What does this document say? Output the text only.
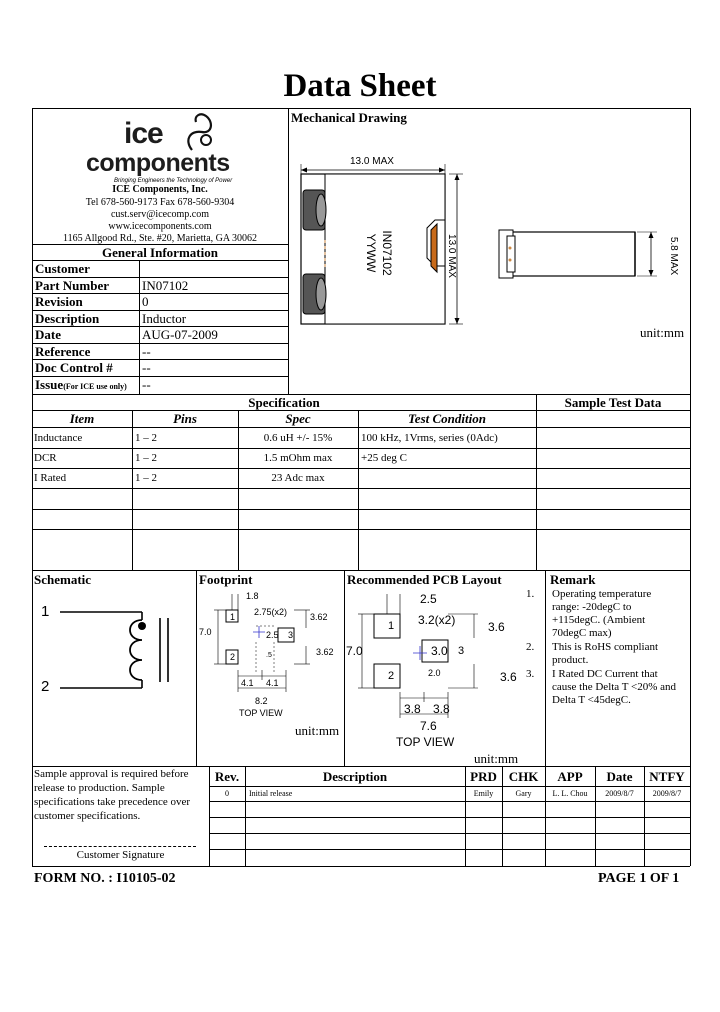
Data Sheet
ice
components
Bringing Engineers the Technology of Power
ICE Components, Inc.
Tel 678-560-9173 Fax 678-560-9304
cust.serv@icecomp.com
www.icecomponents.com
1165 Allgood Rd., Ste. #20, Marietta, GA 30062
General Information
Customer
Part Number	IN07102
Revision	0
Description	Inductor
Date	AUG-07-2009
Reference	--
Doc Control # --
Issue(For ICE use only) --
Mechanical Drawing
13.0 MAX
13.0 MAX	5.8 MAX
IN07102
YYWW
unit:mm
Specification	Sample Test Data
Item	Pins	Spec	Test Condition
Inductance	1 – 2	0.6 uH +/- 15%	100 kHz, 1Vrms, series (0Adc)
DCR	1 – 2	1.5 mOhm max	+25 deg C
I Rated	1 – 2	23 Adc max
Schematic
1
2
Footprint
1.8
2.75(x2)	3.62
7.0	2.5
3.62
4.1 4.1
8.2
.5
1
2
3
TOP VIEW
unit:mm
Recommended PCB Layout
2.5
3.2(x2)	3.6
7.0	3.0
2.0	3.6
3.8 3.8
7.6
1
2
3
TOP VIEW
unit:mm
Remark
1. Operating temperature
range: -20degC to
+115degC. (Ambient
70degC max)
2. This is RoHS compliant
product.
3. I Rated DC Current that
cause the Delta T <20% and
Delta T <45degC.
Sample approval is required before
release to production. Sample
specifications take precedence over
customer specifications.
Customer Signature
Rev.	Description	PRD CHK	APP	Date	NTFY
0	Initial release	Emily	Gary	L. L. Chou	2009/8/7	2009/8/7
FORM NO. : I10105-02	PAGE 1 OF 1
